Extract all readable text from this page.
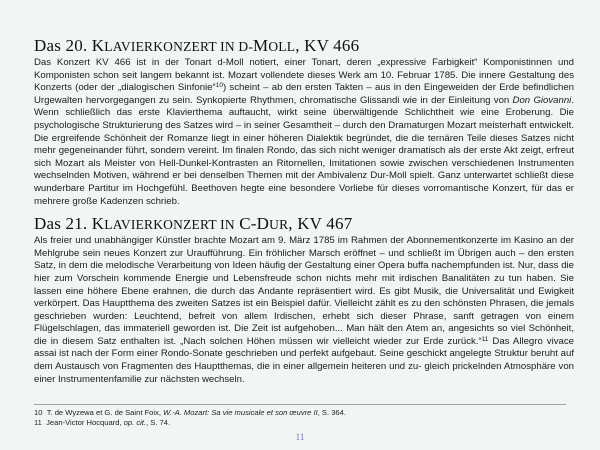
Das 20. KLAVIERKONZERT IN D-MOLL, KV 466

Das Konzert KV 466 ist in der Tonart d-Moll notiert, einer Tonart, deren „expressive Farbigkeit“ Komponistinnen und Komponisten schon seit langem bekannt ist. Mozart vollendete dieses Werk am 10. Februar 1785. Die innere Gestaltung des Konzerts (oder der „dialogischen Sinfonie“$^{10}$) scheint – ab den ersten Takten – aus in den Eingeweiden der Erde befindlichen Urgewalten hervorgegangen zu sein. Synkopierte Rhythmen, chromatische Glissandi wie in der Einleitung von Don Giovanni. Wenn schließlich das erste Klavierthema auftaucht, wirkt seine überwältigende Schlichtheit wie eine Eroberung. Die psychologische Strukturierung des Satzes wird – in seiner Gesamtheit – durch den Dramaturgen Mozart meisterhaft entwickelt. Die ergreifende Schönheit der Romanze liegt in einer höheren Dialektik begründet, die die ternären Teile dieses Satzes nicht mehr gegeneinander führt, sondern vereint. Im finalen Rondo, das sich nicht weniger dramatisch als der erste Akt zeigt, erfreut sich Mozart als Meister von Hell-Dunkel-Kontrasten an Ritornellen, Imitationen sowie zwischen verschiedenen Instrumenten wechselnden Motiven, während er bei denselben Themen mit der Ambivalenz Dur-Moll spielt. Ganz unterwartet schließt diese wunderbare Partitur im Hochgefühl. Beethoven hegte eine besondere Vorliebe für dieses vorromantische Konzert, für das er mehrere große Kadenzen schrieb.

Das 21. KLAVIERKONZERT IN C-DUR, KV 467

Als freier und unabhängiger Künstler brachte Mozart am 9. März 1785 im Rahmen der Abonnementkonzerte im Kasino an der Mehlgrube sein neues Konzert zur Uraufführung. Ein fröhlicher Marsch eröffnet – und schließt im Übrigen auch – den ersten Satz, in dem die melodische Verarbeitung von Ideen häufig der Gestaltung einer Opera buffa nachempfunden ist. Nur, dass die hier zum Vorschein kommende Energie und Lebensfreude schon nichts mehr mit irdischen Banalitäten zu tun haben. Sie lassen eine höhere Ebene erahnen, die durch das Andante repräsentiert wird. Es gibt Musik, die Universalität und Ewigkeit verkörpert. Das Hauptthema des zweiten Satzes ist ein Beispiel dafür. Vielleicht zählt es zu den schönsten Phrasen, die jemals geschrieben wurden: Leuchtend, befreit von allem Irdischen, erhebt sich dieser Phrase, sanft getragen von einem Flügelschlagen, das immateriell geworden ist. Die Zeit ist aufgehoben... Man hält den Atem an, angesichts so viel Schönheit, die in diesem Satz enthalten ist. „Nach solchen Höhen müssen wir vielleicht wieder zur Erde zurück.“$^{11}$ Das Allegro vivace assai ist nach der Form einer Rondo-Sonate geschrieben und perfekt aufgebaut. Seine geschickt angelegte Struktur beruht auf dem Austausch von Fragmenten des Hauptthemas, die in einer allgemein heiteren und zu- gleich prickelnden Atmosphäre von einer Instrumentenfamilie zur nächsten wechseln.

10 T. de Wyzewa et G. de Saint Foix, W.-A. Mozart: Sa vie musicale et son œuvre II, S. 364.
11 Jean-Victor Hocquard, op. cit., S. 74.
11
